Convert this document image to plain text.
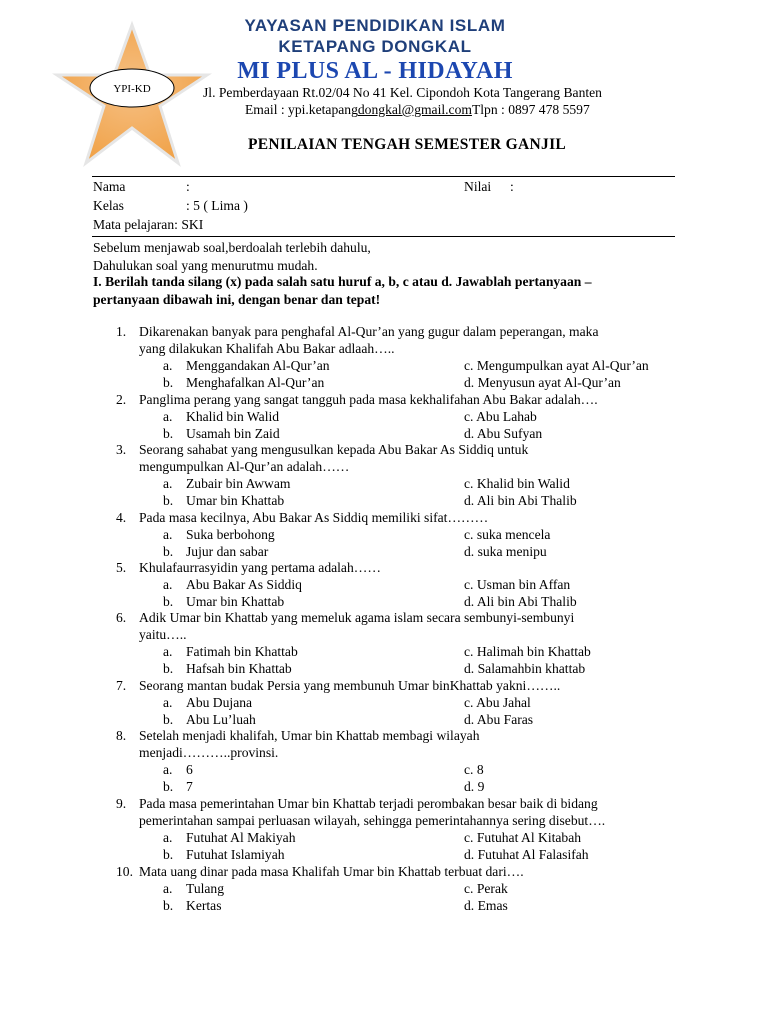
YPI-KD
YAYASAN PENDIDIKAN ISLAM
KETAPANG DONGKAL
MI PLUS AL - HIDAYAH
Jl. Pemberdayaan Rt.02/04 No 41 Kel. Cipondoh Kota Tangerang Banten
Email : ypi.ketapangdongkal@gmail.comTlpn : 0897 478 5597
PENILAIAN TENGAH SEMESTER GANJIL
Nama	:	Nilai :
Kelas	: 5 ( Lima )
Mata pelajaran: SKI
Sebelum menjawab soal,berdoalah terlebih dahulu,
Dahulukan soal yang menurutmu mudah.
I. Berilah tanda silang (x) pada salah satu huruf a, b, c atau d. Jawablah pertanyaan –
pertanyaan dibawah ini, dengan benar dan tepat!
1. Dikarenakan banyak para penghafal Al-Qur’an yang gugur dalam peperangan, maka
yang dilakukan Khalifah Abu Bakar adlaah…..
a. Menggandakan Al-Qur’an	c. Mengumpulkan ayat Al-Qur’an
b. Menghafalkan Al-Qur’an	d. Menyusun ayat Al-Qur’an
2. Panglima perang yang sangat tangguh pada masa kekhalifahan Abu Bakar adalah….
a. Khalid bin Walid	c. Abu Lahab
b. Usamah bin Zaid	d. Abu Sufyan
3. Seorang sahabat yang mengusulkan kepada Abu Bakar As Siddiq untuk
mengumpulkan Al-Qur’an adalah……
a. Zubair bin Awwam	c. Khalid bin Walid
b. Umar bin Khattab	d. Ali bin Abi Thalib
4. Pada masa kecilnya, Abu Bakar As Siddiq memiliki sifat………
a. Suka berbohong	c. suka mencela
b. Jujur dan sabar	d. suka menipu
5. Khulafaurrasyidin yang pertama adalah……
a. Abu Bakar As Siddiq	c. Usman bin Affan
b. Umar bin Khattab	d. Ali bin Abi Thalib
6. Adik Umar bin Khattab yang memeluk agama islam secara sembunyi-sembunyi
yaitu…..
a. Fatimah bin Khattab	c. Halimah bin Khattab
b. Hafsah bin Khattab	d. Salamahbin khattab
7. Seorang mantan budak Persia yang membunuh Umar binKhattab yakni……..
a. Abu Dujana	c. Abu Jahal
b. Abu Lu’luah	d. Abu Faras
8. Setelah menjadi khalifah, Umar bin Khattab membagi wilayah
menjadi………..provinsi.
a. 6	c. 8
b. 7	d. 9
9. Pada masa pemerintahan Umar bin Khattab terjadi perombakan besar baik di bidang
pemerintahan sampai perluasan wilayah, sehingga pemerintahannya sering disebut….
a. Futuhat Al Makiyah	c. Futuhat Al Kitabah
b. Futuhat Islamiyah	d. Futuhat Al Falasifah
10. Mata uang dinar pada masa Khalifah Umar bin Khattab terbuat dari….
a. Tulang	c. Perak
b. Kertas	d. Emas
